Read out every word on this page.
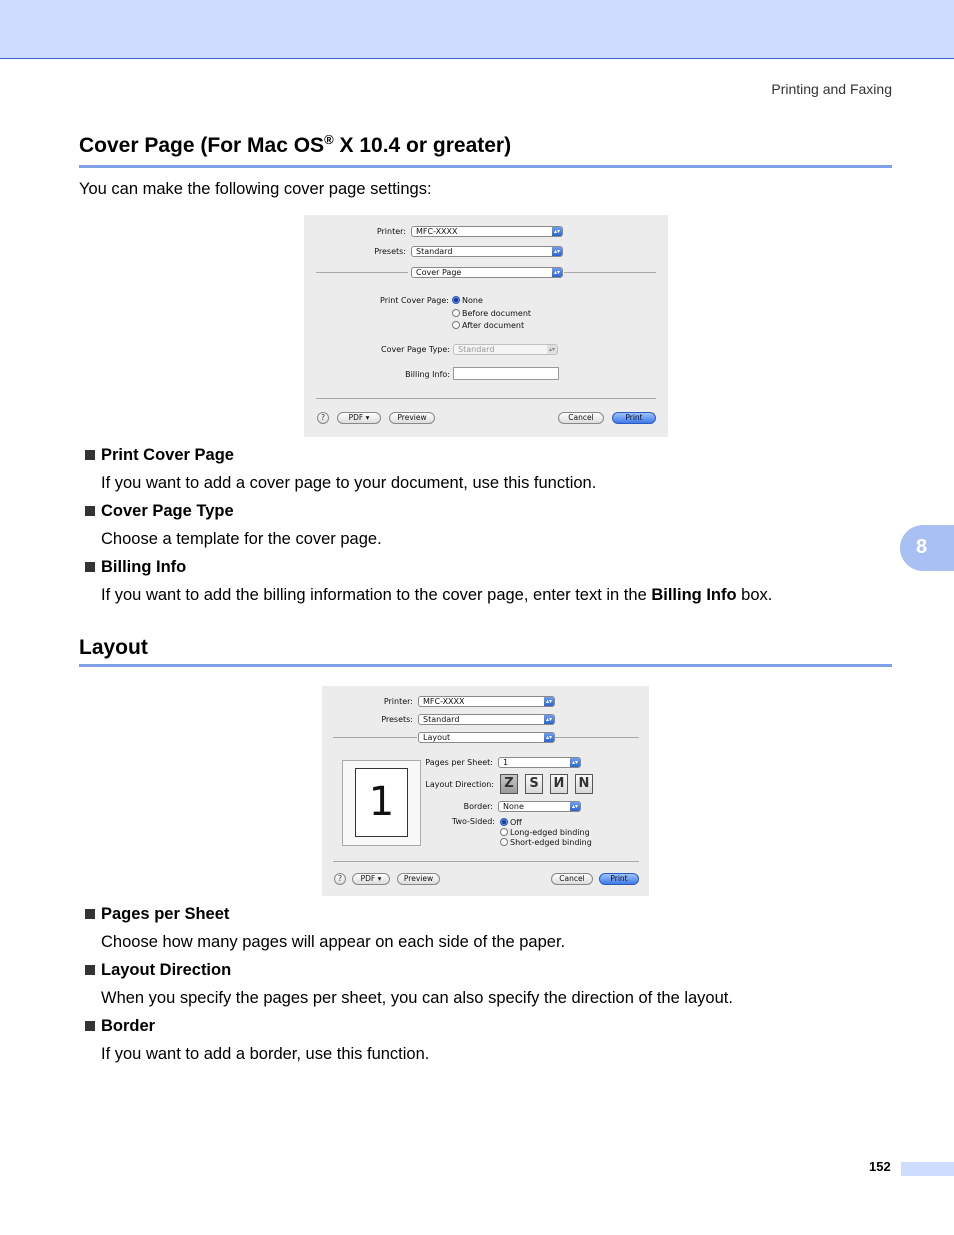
Printing and Faxing
Cover Page (For Mac OS® X 10.4 or greater)
You can make the following cover page settings:
Printer: MFC-XXXX	▴▾
Presets: Standard	▴▾
Cover Page	▴▾
Print Cover Page: None
Before document
After document
Cover Page Type: Standard	▴▾
Billing Info:
?	PDF ▾	Preview	Cancel	Print
Print Cover Page
If you want to add a cover page to your document, use this function.
Cover Page Type
Choose a template for the cover page.
Billing Info
If you want to add the billing information to the cover page, enter text in the Billing Info box.
8
Layout
Printer: MFC-XXXX	▴▾
Presets: Standard	▴▾
Layout	▴▾
1
Pages per Sheet: 1	▴▾
Layout Direction: Z	S	И N
Border: None	▴▾
Two-Sided: Off
Long-edged binding
Short-edged binding
?	PDF ▾	Preview	Cancel	Print
Pages per Sheet
Choose how many pages will appear on each side of the paper.
Layout Direction
When you specify the pages per sheet, you can also specify the direction of the layout.
Border
If you want to add a border, use this function.
152
